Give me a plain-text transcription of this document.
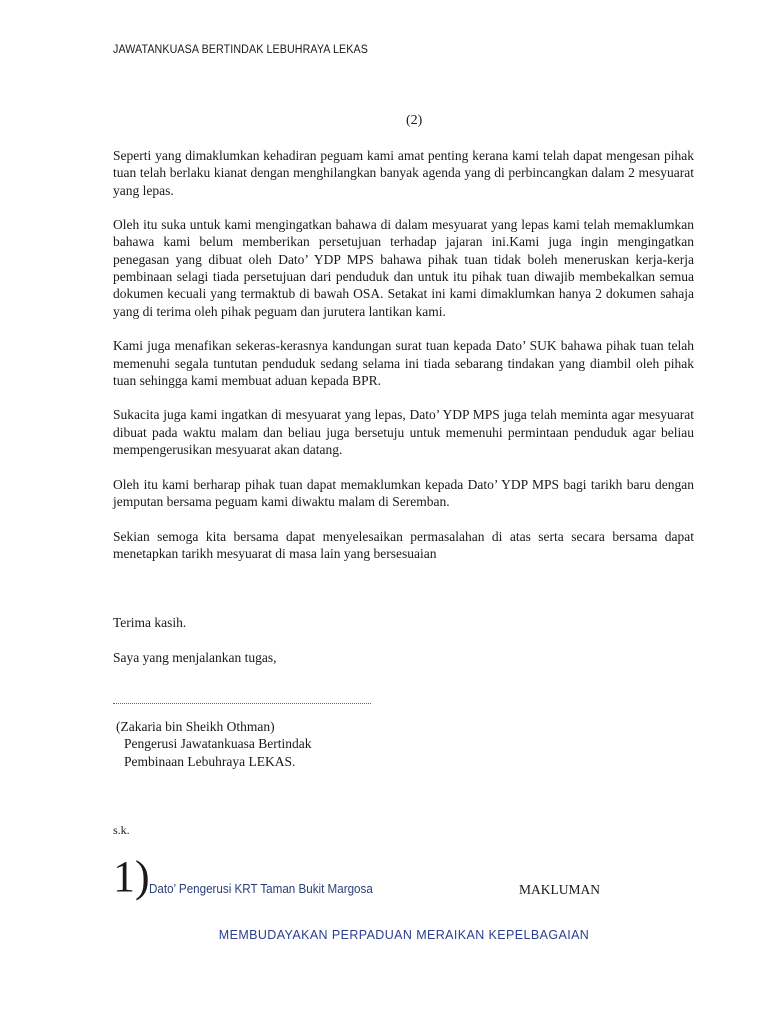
JAWATANKUASA BERTINDAK LEBUHRAYA LEKAS
(2)

Seperti yang dimaklumkan kehadiran peguam kami amat penting kerana kami telah dapat mengesan pihak tuan telah berlaku kianat dengan menghilangkan banyak agenda yang di perbincangkan dalam 2 mesyuarat yang lepas.

Oleh itu suka untuk kami mengingatkan bahawa di dalam mesyuarat yang lepas kami telah memaklumkan bahawa kami belum memberikan persetujuan terhadap jajaran ini.Kami juga ingin mengingatkan penegasan yang dibuat oleh Dato’ YDP MPS bahawa pihak tuan tidak boleh meneruskan kerja-kerja pembinaan selagi tiada persetujuan dari penduduk dan untuk itu pihak tuan diwajib membekalkan semua dokumen kecuali yang termaktub di bawah OSA. Setakat ini kami dimaklumkan hanya 2 dokumen sahaja yang di terima oleh pihak peguam dan jurutera lantikan kami.

Kami juga menafikan sekeras-kerasnya kandungan surat tuan kepada Dato’ SUK bahawa pihak tuan telah memenuhi segala tuntutan penduduk sedang selama ini tiada sebarang tindakan yang diambil oleh pihak tuan sehingga kami membuat aduan kepada BPR.

Sukacita juga kami ingatkan di mesyuarat yang lepas, Dato’ YDP MPS juga telah meminta agar mesyuarat dibuat pada waktu malam dan beliau juga bersetuju untuk memenuhi permintaan penduduk agar beliau mempengerusikan mesyuarat akan datang.

Oleh itu kami berharap pihak tuan dapat memaklumkan kepada Dato’ YDP MPS bagi tarikh baru dengan jemputan bersama peguam kami diwaktu malam di Seremban.

Sekian semoga kita bersama dapat menyelesaikan permasalahan di atas serta secara bersama dapat menetapkan tarikh mesyuarat di masa lain yang bersesuaian

Terima kasih.
Saya yang menjalankan tugas,
(Zakaria bin Sheikh Othman)
Pengerusi Jawatankuasa Bertindak
Pembinaan Lebuhraya LEKAS.
s.k.
1) Dato’ Pengerusi KRT Taman Bukit Margosa	MAKLUMAN
MEMBUDAYAKAN PERPADUAN MERAIKAN KEPELBAGAIAN
